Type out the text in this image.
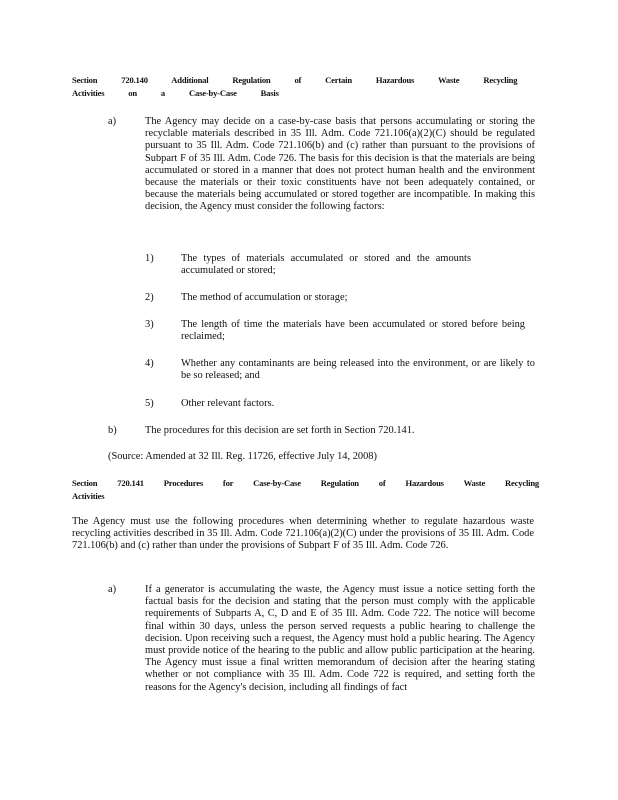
Section 720.140 Additional Regulation of Certain Hazardous Waste Recycling Activities on a Case-by-Case Basis
a)	The Agency may decide on a case-by-case basis that persons accumulating or storing the recyclable materials described in 35 Ill. Adm. Code 721.106(a)(2)(C) should be regulated pursuant to 35 Ill. Adm. Code 721.106(b) and (c) rather than pursuant to the provisions of Subpart F of 35 Ill. Adm. Code 726. The basis for this decision is that the materials are being accumulated or stored in a manner that does not protect human health and the environment because the materials or their toxic constituents have not been adequately contained, or because the materials being accumulated or stored together are incompatible. In making this decision, the Agency must consider the following factors:
1)	The types of materials accumulated or stored and the amounts accumulated or stored;
2)	The method of accumulation or storage;
3)	The length of time the materials have been accumulated or stored before being reclaimed;
4)	Whether any contaminants are being released into the environment, or are likely to be so released; and
5)	Other relevant factors.
b)	The procedures for this decision are set forth in Section 720.141.
(Source: Amended at 32 Ill. Reg. 11726, effective July 14, 2008)
Section 720.141 Procedures for Case-by-Case Regulation of Hazardous Waste Recycling Activities
The Agency must use the following procedures when determining whether to regulate hazardous waste recycling activities described in 35 Ill. Adm. Code 721.106(a)(2)(C) under the provisions of 35 Ill. Adm. Code 721.106(b) and (c) rather than under the provisions of Subpart F of 35 Ill. Adm. Code 726.
a)	If a generator is accumulating the waste, the Agency must issue a notice setting forth the factual basis for the decision and stating that the person must comply with the applicable requirements of Subparts A, C, D and E of 35 Ill. Adm. Code 722. The notice will become final within 30 days, unless the person served requests a public hearing to challenge the decision. Upon receiving such a request, the Agency must hold a public hearing. The Agency must provide notice of the hearing to the public and allow public participation at the hearing. The Agency must issue a final written memorandum of decision after the hearing stating whether or not compliance with 35 Ill. Adm. Code 722 is required, and setting forth the reasons for the Agency's decision, including all findings of fact
